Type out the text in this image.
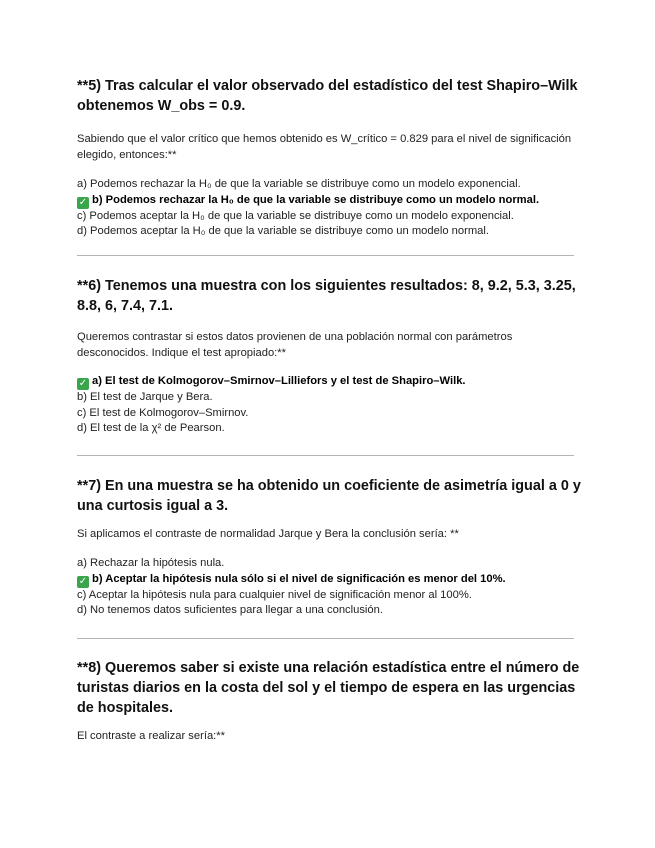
**5) Tras calcular el valor observado del estadístico del test Shapiro–Wilk obtenemos W_obs = 0.9.

Sabiendo que el valor crítico que hemos obtenido es W_crítico = 0.829 para el nivel de significación elegido, entonces:**

a) Podemos rechazar la H₀ de que la variable se distribuye como un modelo exponencial.
✓ b) Podemos rechazar la H₀ de que la variable se distribuye como un modelo normal.
c) Podemos aceptar la H₀ de que la variable se distribuye como un modelo exponencial.
d) Podemos aceptar la H₀ de que la variable se distribuye como un modelo normal.
**6) Tenemos una muestra con los siguientes resultados: 8, 9.2, 5.3, 3.25, 8.8, 6, 7.4, 7.1.

Queremos contrastar si estos datos provienen de una población normal con parámetros desconocidos. Indique el test apropiado:**

✓ a) El test de Kolmogorov–Smirnov–Lilliefors y el test de Shapiro–Wilk.
b) El test de Jarque y Bera.
c) El test de Kolmogorov–Smirnov.
d) El test de la χ² de Pearson.
**7) En una muestra se ha obtenido un coeficiente de asimetría igual a 0 y una curtosis igual a 3.

Si aplicamos el contraste de normalidad Jarque y Bera la conclusión sería: **

a) Rechazar la hipótesis nula.
✓ b) Aceptar la hipótesis nula sólo si el nivel de significación es menor del 10%.
c) Aceptar la hipótesis nula para cualquier nivel de significación menor al 100%.
d) No tenemos datos suficientes para llegar a una conclusión.
**8) Queremos saber si existe una relación estadística entre el número de turistas diarios en la costa del sol y el tiempo de espera en las urgencias de hospitales.

El contraste a realizar sería:**
